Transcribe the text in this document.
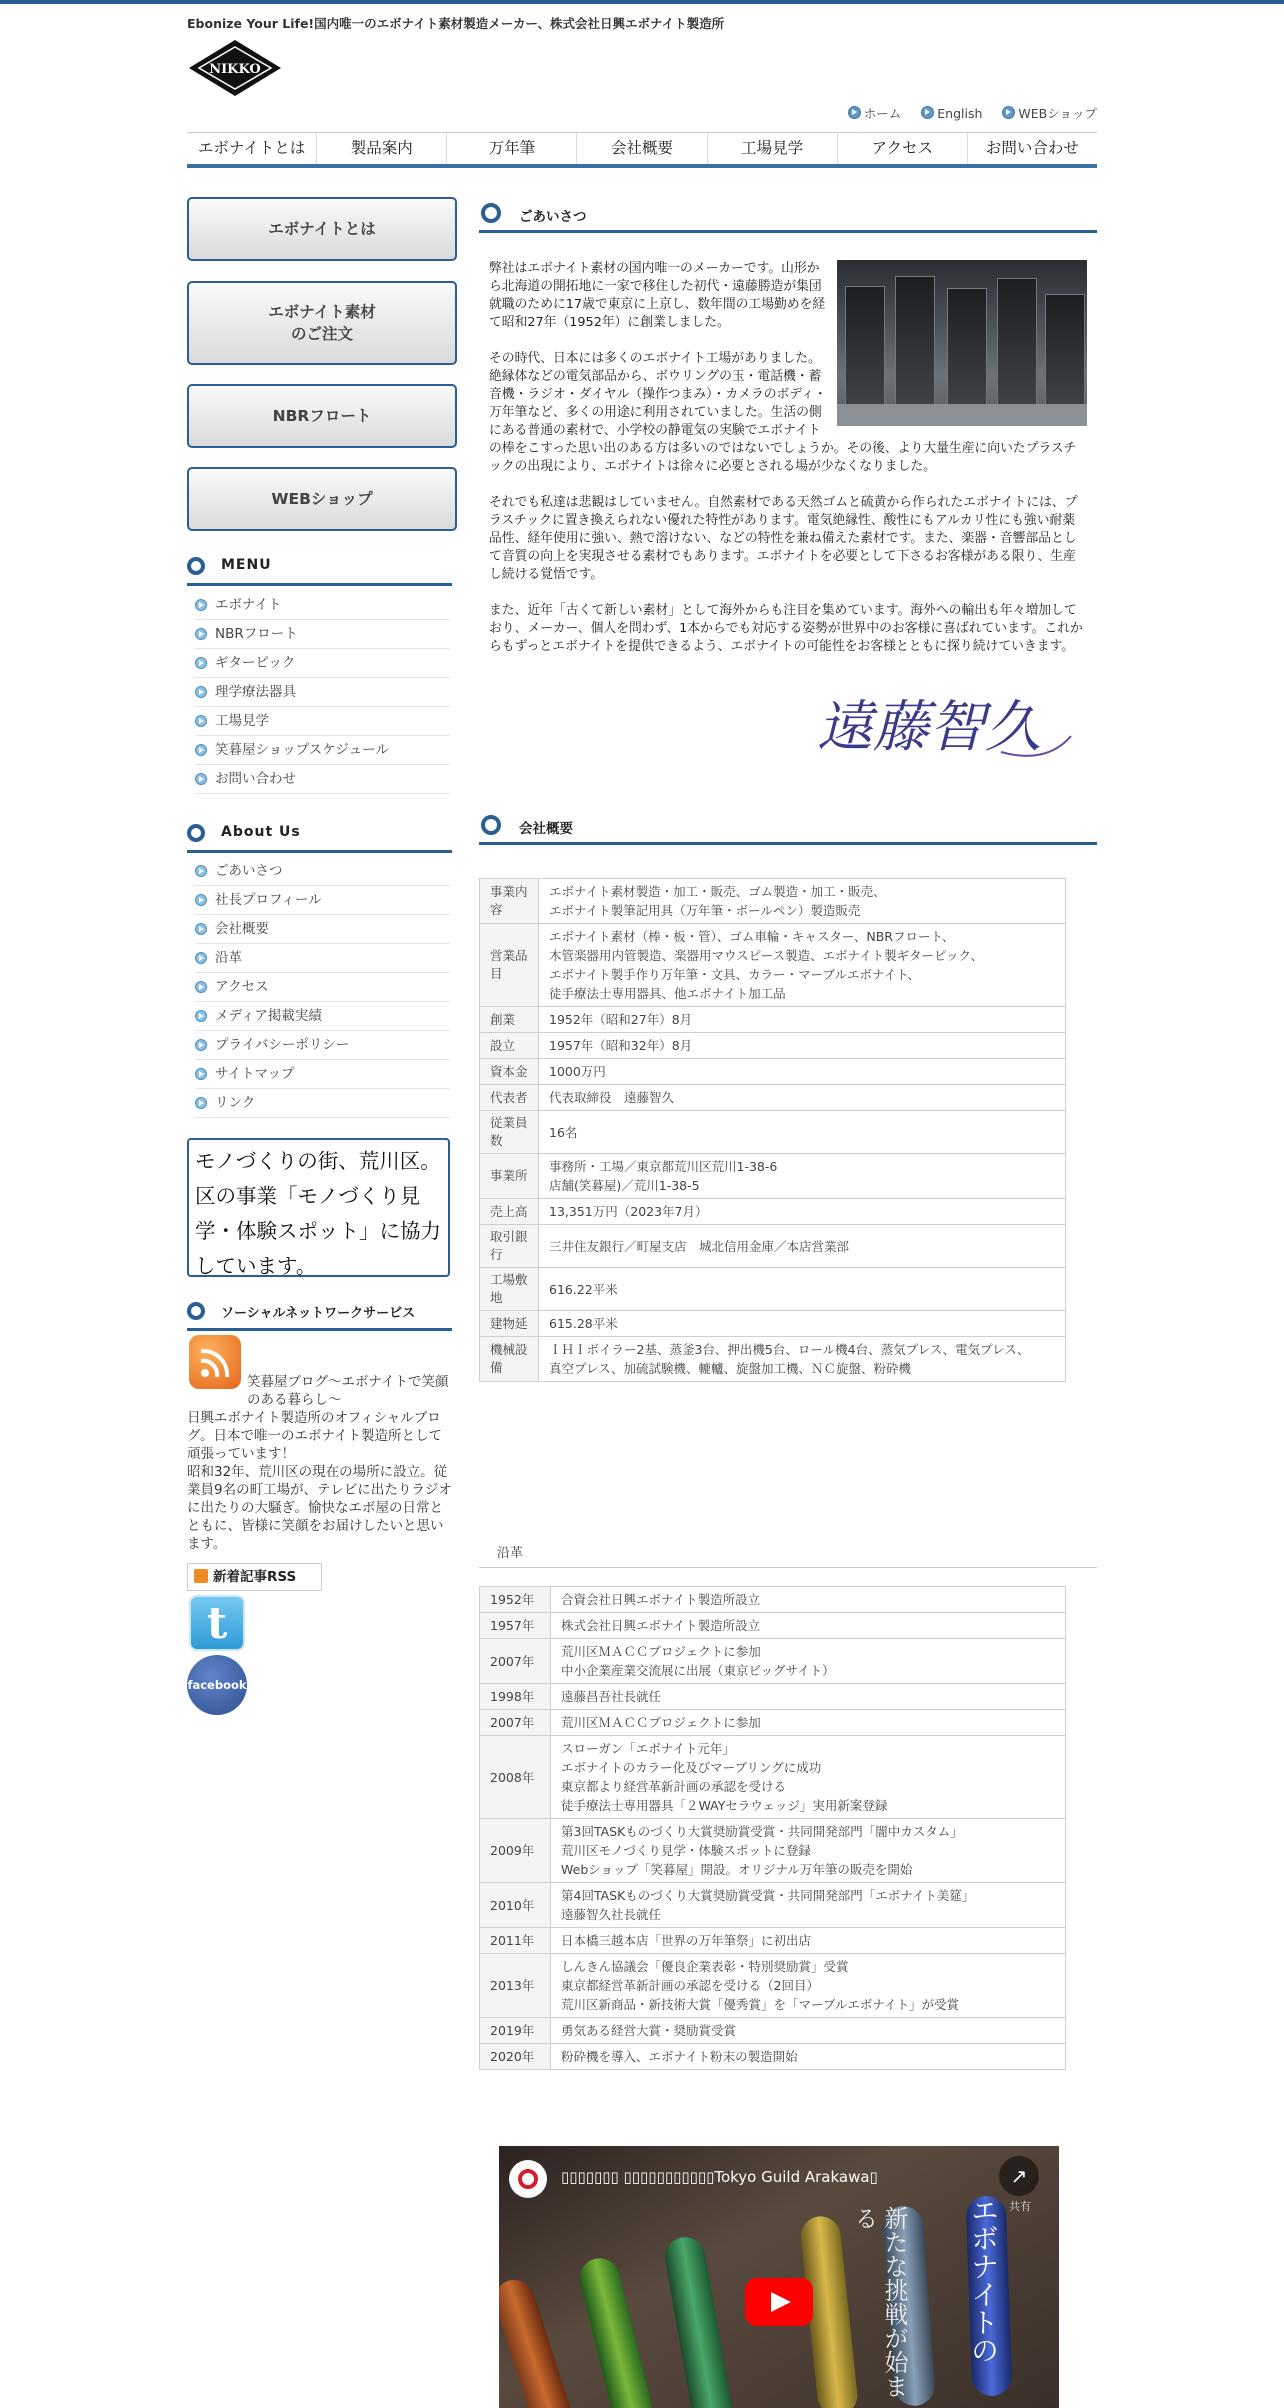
Ebonize Your Life!国内唯一のエボナイト素材製造メーカー、株式会社日興エボナイト製造所
NIKKO
ホーム	English	WEBショップ
エボナイトとは	製品案内	万年筆	会社概要	工場見学	アクセス	お問い合わせ
エボナイトとは
エボナイト素材
のご注文
NBRフロート
WEBショップ
MENU
エボナイト
NBRフロート
ギターピック
理学療法器具
工場見学
笑暮屋ショップスケジュール
お問い合わせ
About Us
ごあいさつ
社長プロフィール
会社概要
沿革
アクセス
メディア掲載実績
プライバシーポリシー
サイトマップ
リンク
モノづくりの街、荒川区。区の事業「モノづくり見学・体験スポット」に協力しています。
ソーシャルネットワークサービス
笑暮屋ブログ〜エボナイトで笑顔のある暮らし〜
日興エボナイト製造所のオフィシャルブログ。日本で唯一のエボナイト製造所として頑張っています！
昭和32年、荒川区の現在の場所に設立。従業員9名の町工場が、テレビに出たりラジオに出たりの大騒ぎ。愉快なエボ屋の日常とともに、皆様に笑顔をお届けしたいと思います。
新着記事RSS
t
facebook
ごあいさつ

弊社はエボナイト素材の国内唯一のメーカーです。山形から北海道の開拓地に一家で移住した初代・遠藤勝造が集団就職のために17歳で東京に上京し、数年間の工場勤めを経て昭和27年（1952年）に創業しました。

その時代、日本には多くのエボナイト工場がありました。絶縁体などの電気部品から、ボウリングの玉・電話機・蓄音機・ラジオ・ダイヤル（操作つまみ）・カメラのボディ・万年筆など、多くの用途に利用されていました。生活の側にある普通の素材で、小学校の静電気の実験でエボナイトの棒をこすった思い出のある方は多いのではないでしょうか。その後、より大量生産に向いたプラスチックの出現により、エボナイトは徐々に必要とされる場が少なくなりました。

それでも私達は悲観はしていません。自然素材である天然ゴムと硫黄から作られたエボナイトには、プラスチックに置き換えられない優れた特性があります。電気絶縁性、酸性にもアルカリ性にも強い耐薬品性、経年使用に強い、熱で溶けない、などの特性を兼ね備えた素材です。また、楽器・音響部品として音質の向上を実現させる素材でもあります。エボナイトを必要として下さるお客様がある限り、生産し続ける覚悟です。

また、近年「古くて新しい素材」として海外からも注目を集めています。海外への輸出も年々増加しており、メーカー、個人を問わず、1本からでも対応する姿勢が世界中のお客様に喜ばれています。これからもずっとエボナイトを提供できるよう、エボナイトの可能性をお客様とともに探り続けていきます。

遠藤智久
会社概要
事業内容	エボナイト素材製造・加工・販売、ゴム製造・加工・販売、
エボナイト製筆記用具（万年筆・ボールペン）製造販売

営業品目	エボナイト素材（棒・板・管）、ゴム車輪・キャスター、NBRフロート、
木管楽器用内管製造、楽器用マウスピース製造、エボナイト製ギターピック、
エボナイト製手作り万年筆・文具、カラー・マーブルエボナイト、
徒手療法士専用器具、他エボナイト加工品

創業	1952年（昭和27年）8月

設立	1957年（昭和32年）8月

資本金	1000万円

代表者	代表取締役　遠藤智久

従業員数	16名

事業所	事務所・工場／東京都荒川区荒川1-38-6
店舗(笑暮屋)／荒川1-38-5

売上高	13,351万円（2023年7月）

取引銀行	三井住友銀行／町屋支店　城北信用金庫／本店営業部

工場敷地	616.22平米

建物延	615.28平米

機械設備	ＩＨＩボイラー2基、蒸釜3台、押出機5台、ロール機4台、蒸気プレス、電気プレス、
真空プレス、加硫試験機、轆轤、旋盤加工機、ＮＣ旋盤、粉砕機
沿革
1952年	合資会社日興エボナイト製造所設立

1957年	株式会社日興エボナイト製造所設立

2007年	荒川区ＭＡＣＣプロジェクトに参加
中小企業産業交流展に出展（東京ビッグサイト）

1998年	遠藤昌吾社長就任

2007年	荒川区ＭＡＣＣプロジェクトに参加

2008年	スローガン「エボナイト元年」
エボナイトのカラー化及びマーブリングに成功
東京都より経営革新計画の承認を受ける
徒手療法士専用器具「２WAYセラウェッジ」実用新案登録

2009年	第3回TASKものづくり大賞奨励賞受賞・共同開発部門「闇中カスタム」
荒川区モノづくり見学・体験スポットに登録
Webショップ「笑暮屋」開設。オリジナル万年筆の販売を開始

2010年	第4回TASKものづくり大賞奨励賞受賞・共同開発部門「エボナイト美筵」
遠藤智久社長就任

2011年	日本橋三越本店「世界の万年筆祭」に初出店

2013年	しんきん協議会「優良企業表彰・特別奨励賞」受賞
東京都経営革新計画の承認を受ける（2回目）
荒川区新商品・新技術大賞「優秀賞」を「マーブルエボナイト」が受賞

2019年	勇気ある経営大賞・奨励賞受賞

2020年	粉砕機を導入、エボナイト粉末の製造開始
▯▯▯▯▯▯▯ ▯▯▯▯▯▯▯▯▯▯▯Tokyo Guild Arakawa▯	↗
共有
エボナイトの
新たな挑戦が始まる
